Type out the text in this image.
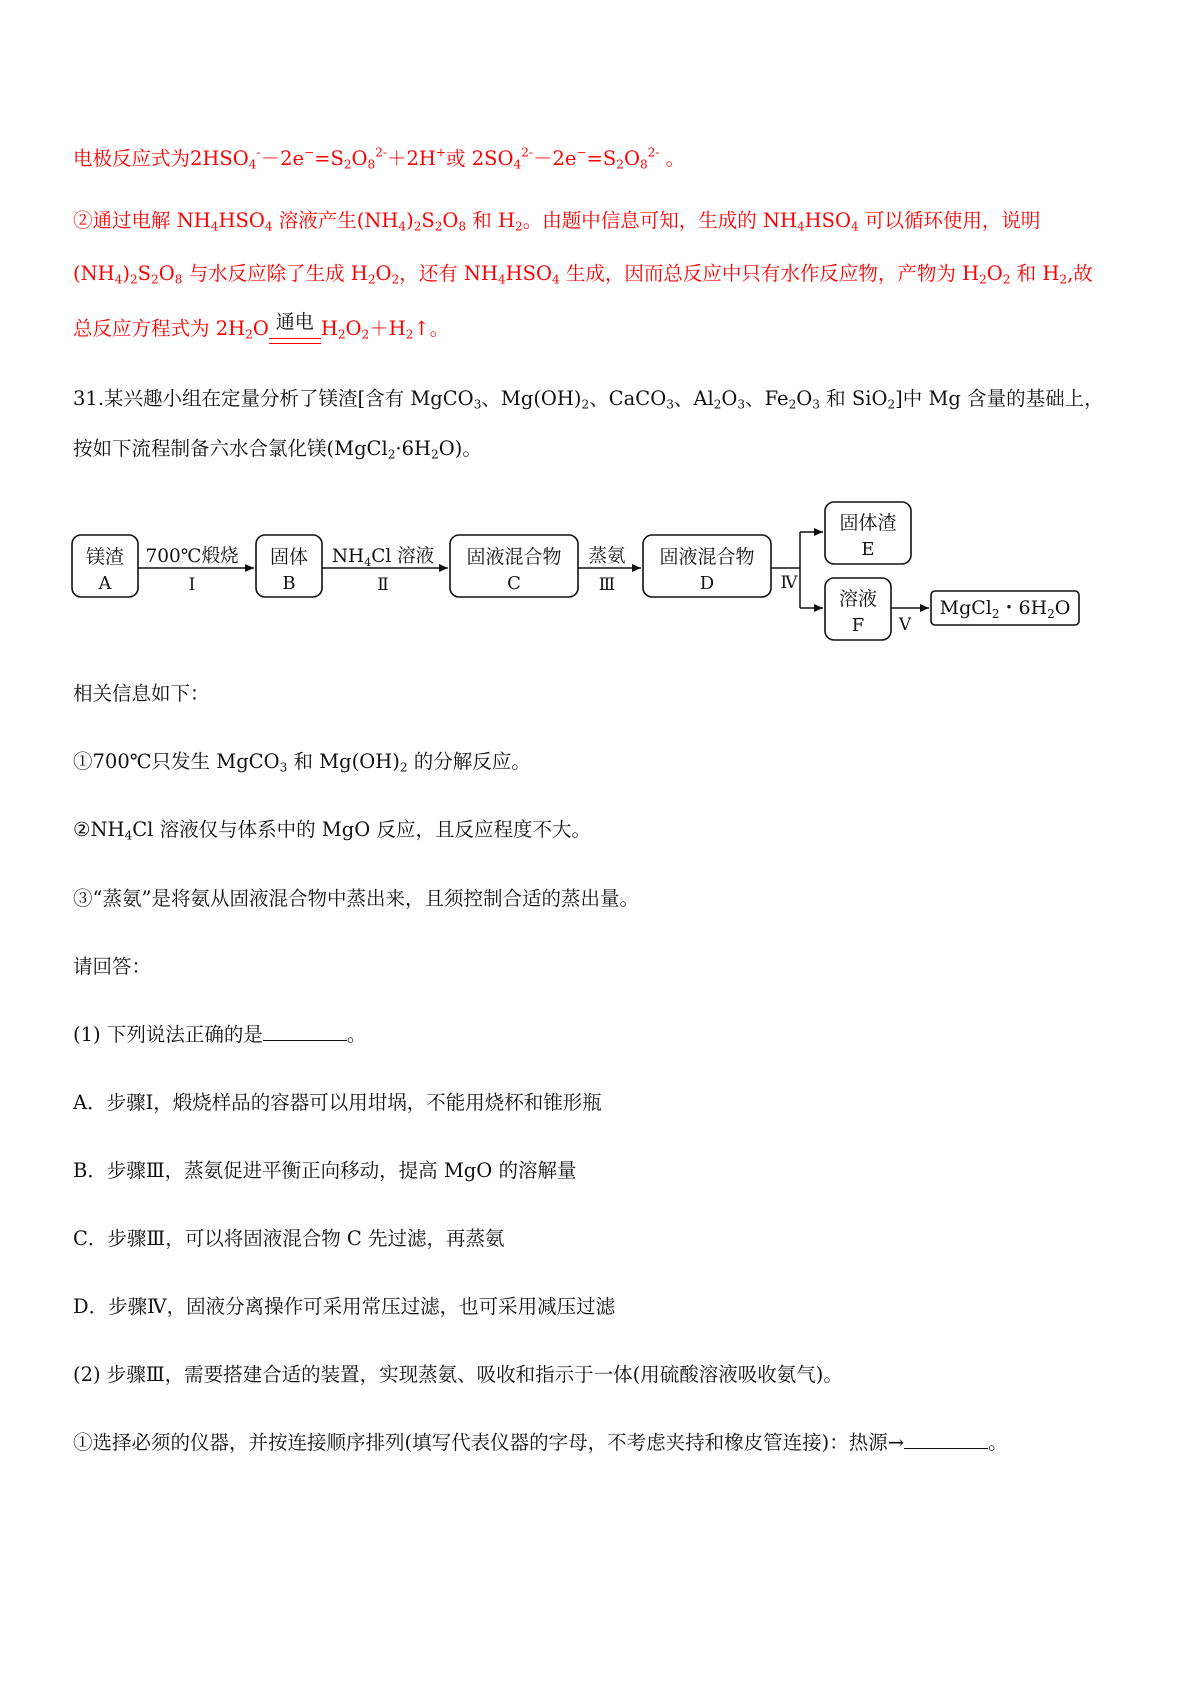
电极反应式为$2HSO_4^--2e^-=S_2O_8^{2-}+2H^+$或 $2SO_4^{2-}-2e^-=S_2O_8^{2-}$ 。
②通过电解 $NH_4HSO_4$ 溶液产生$(NH_4)_2S_2O_8$ 和 $H_2$。由题中信息可知，生成的 $NH_4HSO_4$ 可以循环使用，说明
$(NH_4)_2S_2O_8$ 与水反应除了生成 $H_2O_2$，还有 $NH_4HSO_4$ 生成，因而总反应中只有水作反应物，产物为 $H_2O_2$ 和 $H_2$,故
总反应方程式为 $2H_2O$ 通电 $H_2O_2+H_2↑$。
31.某兴趣小组在定量分析了镁渣[含有 MgCO$_3$、$Mg(OH)_2$、CaCO$_3$、$Al_2O_3$、$Fe_2O_3$ 和 SiO$_2$]中 Mg 含量的基础上，
按如下流程制备六水合氯化镁$(MgCl_2\cdot 6H_2O)$。
镁渣
A
700℃煅烧
Ⅰ
固体
B
$NH_4Cl$ 溶液
Ⅱ
固液混合物
C
蒸氨
Ⅲ
固液混合物
D	Ⅳ
固体渣
E
溶液
F Ⅴ
MgCl$_2$・$6H_2O$
相关信息如下：
①700℃只发生 MgCO$_3$ 和 $Mg(OH)_2$ 的分解反应。
$②NH_4Cl$ 溶液仅与体系中的 MgO 反应，且反应程度不大。
③“蒸氨”是将氨从固液混合物中蒸出来，且须控制合适的蒸出量。
请回答：
(1) 下列说法正确的是	。
A．步骤Ⅰ，煅烧样品的容器可以用坩埚，不能用烧杯和锥形瓶
B．步骤Ⅲ，蒸氨促进平衡正向移动，提高 MgO 的溶解量
C．步骤Ⅲ，可以将固液混合物 C 先过滤，再蒸氨
D．步骤Ⅳ，固液分离操作可采用常压过滤，也可采用减压过滤
(2) 步骤Ⅲ，需要搭建合适的装置，实现蒸氨、吸收和指示于一体(用硫酸溶液吸收氨气)。
①选择必须的仪器，并按连接顺序排列(填写代表仪器的字母，不考虑夹持和橡皮管连接)：热源→	。
